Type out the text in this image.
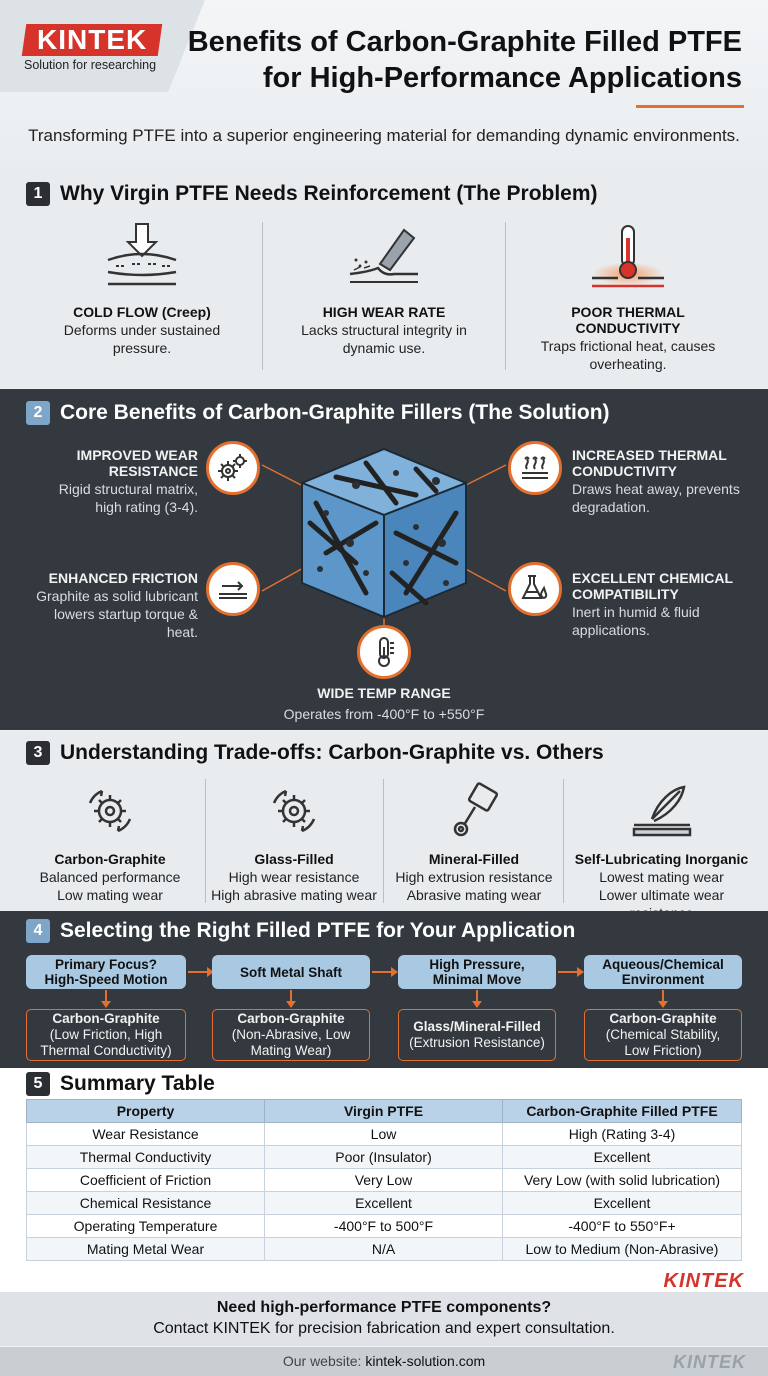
KINTEK
Solution for researching
Benefits of Carbon-Graphite Filled PTFE
for High-Performance Applications
Transforming PTFE into a superior engineering material for demanding dynamic environments.
1 Why Virgin PTFE Needs Reinforcement (The Problem)
COLD FLOW (Creep)
Deforms under sustained
pressure.
HIGH WEAR RATE
Lacks structural integrity in
dynamic use.
POOR THERMAL
CONDUCTIVITY
Traps frictional heat, causes
overheating.
2 Core Benefits of Carbon-Graphite Fillers (The Solution)
IMPROVED WEAR
RESISTANCE
Rigid structural matrix,
high rating (3-4).
INCREASED THERMAL
CONDUCTIVITY
Draws heat away, prevents
degradation.
ENHANCED FRICTION
Graphite as solid lubricant
lowers startup torque &
heat.
EXCELLENT CHEMICAL
COMPATIBILITY
Inert in humid & fluid
applications.
WIDE TEMP RANGE
Operates from -400°F to +550°F
3 Understanding Trade-offs: Carbon-Graphite vs. Others
Carbon-Graphite
Balanced performance
Low mating wear
Glass-Filled
High wear resistance
High abrasive mating wear
Mineral-Filled
High extrusion resistance
Abrasive mating wear
Self-Lubricating Inorganic
Lowest mating wear
Lower ultimate wear
4 Selecting the Right Filled PTFE for Your Application
Primary Focus?
High-Speed Motion	Soft Metal Shaft	High Pressure,
Minimal Move
Aqueous/Chemical
Environment
Carbon-Graphite
(Low Friction, High
Thermal Conductivity)
Carbon-Graphite
(Non-Abrasive, Low
Mating Wear)
Glass/Mineral-Filled
(Extrusion Resistance)
Carbon-Graphite
(Chemical Stability,
Low Friction)
5 Summary Table
Property	Virgin PTFE	Carbon-Graphite Filled PTFE
Wear Resistance	Low	High (Rating 3-4)
Thermal Conductivity	Poor (Insulator)	Excellent
Coefficient of Friction	Very Low	Very Low (with solid lubrication)
Chemical Resistance	Excellent	Excellent
Operating Temperature	-400°F to 500°F	-400°F to 550°F+
Mating Metal Wear	N/A	Low to Medium (Non-Abrasive)
KINTEK
Need high-performance PTFE components?
Contact KINTEK for precision fabrication and expert consultation.
Our website: kintek-solution.com	KINTEK
